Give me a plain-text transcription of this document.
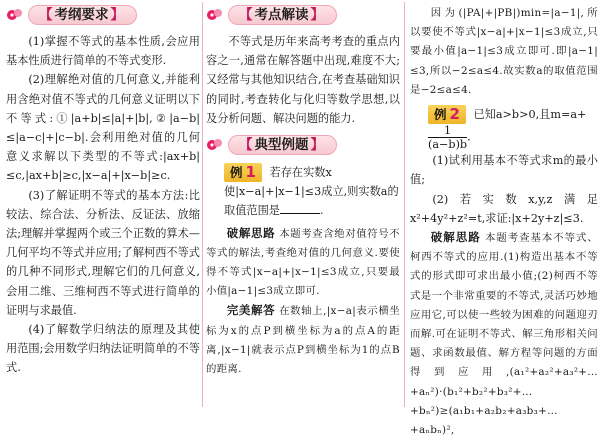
【 考纲要求 】

(1)掌握不等式的基本性质,会应用基本性质进行简单的不等式变形.

(2)理解绝对值的几何意义,并能利用含绝对值不等式的几何意义证明以下不等式:①|a+b|≤|a|+|b|,②|a−b|≤|a−c|+|c−b|.会利用绝对值的几何意义求解以下类型的不等式:|ax+b|≤c,|ax+b|≥c,|x−a|+|x−b|≥c.

(3)了解证明不等式的基本方法:比较法、综合法、分析法、反证法、放缩法;理解并掌握两个或三个正数的算术—几何平均不等式并应用;了解柯西不等式的几种不同形式,理解它们的几何意义,会用二维、三维柯西不等式进行简单的证明与求最值.

(4)了解数学归纳法的原理及其使用范围;会用数学归纳法证明简单的不等式.

【 考点解读 】

不等式是历年来高考考查的重点内容之一,通常在解答题中出现,难度不大;又经常与其他知识结合,在考查基础知识的同时,考查转化与化归等数学思想,以及分析问题、解决问题的能力.

【 典型例题 】

例 1 若存在实数x使|x−a|+|x−1|≤3成立,则实数a的取值范围是	.

破解思路 本题考查含绝对值符号不等式的解法,考查绝对值的几何意义.要使得不等式|x−a|+|x−1|≤3成立,只要最小值|a−1|≤3成立即可.

完美解答 在数轴上,|x−a|表示横坐标为x的点P到横坐标为a的点A的距离,|x−1|就表示点P到横坐标为1的点B的距离.

因为(|PA|+|PB|)min=|a−1|,所以要使不等式|x−a|+|x−1|≤3成立,只要最小值|a−1|≤3成立即可.即|a−1|≤3,所以−2≤a≤4.故实数a的取值范围是−2≤a≤4.

例 2 已知a>b>0,且m=a+

$\frac{1}{(a-b)b}$ .

(1)试利用基本不等式求m的最小值;

(2)若实数x,y,z满足x²+4y²+z²=t,求证:|x+2y+z|≤3.

破解思路 本题考查基本不等式、柯西不等式的应用.(1)构造出基本不等式的形式即可求出最小值;(2)柯西不等式是一个非常重要的不等式,灵活巧妙地应用它,可以使一些较为困难的问题迎刃而解.可在证明不等式、解三角形相关问题、求函数最值、解方程等问题的方面得到应用,(a₁²+a₂²+a₃²+…+aₙ²)·(b₁²+b₂²+b₃²+…+bₙ²)≥(a₁b₁+a₂b₂+a₃b₃+…+aₙbₙ)²,
